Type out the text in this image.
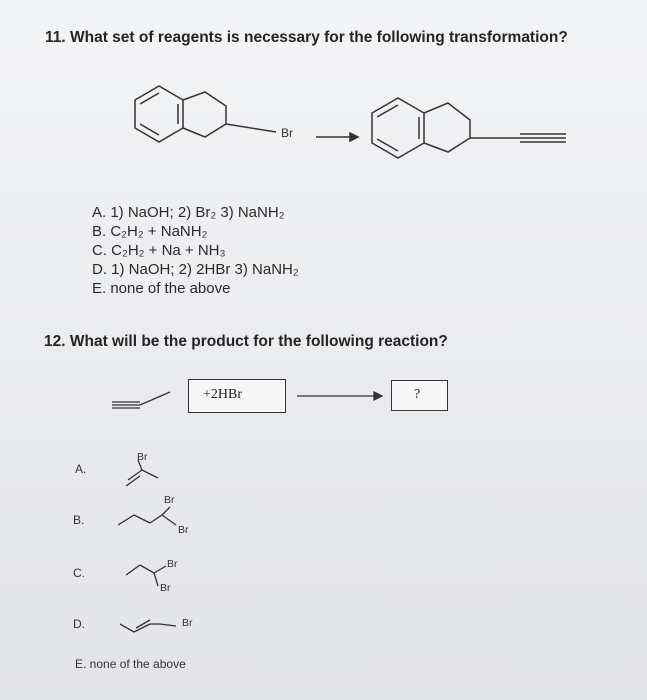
11. What set of reagents is necessary for the following transformation?
Br
A. 1) NaOH; 2) Br₂ 3) NaNH₂
B. C₂H₂ + NaNH₂
C. C₂H₂ + Na + NH₃
D. 1) NaOH; 2) 2HBr 3) NaNH₂
E. none of the above
12. What will be the product for the following reaction?
+2HBr	?
A.
Br
B.
Br
Br
C.
Br
Br
D.	Br
E. none of the above
